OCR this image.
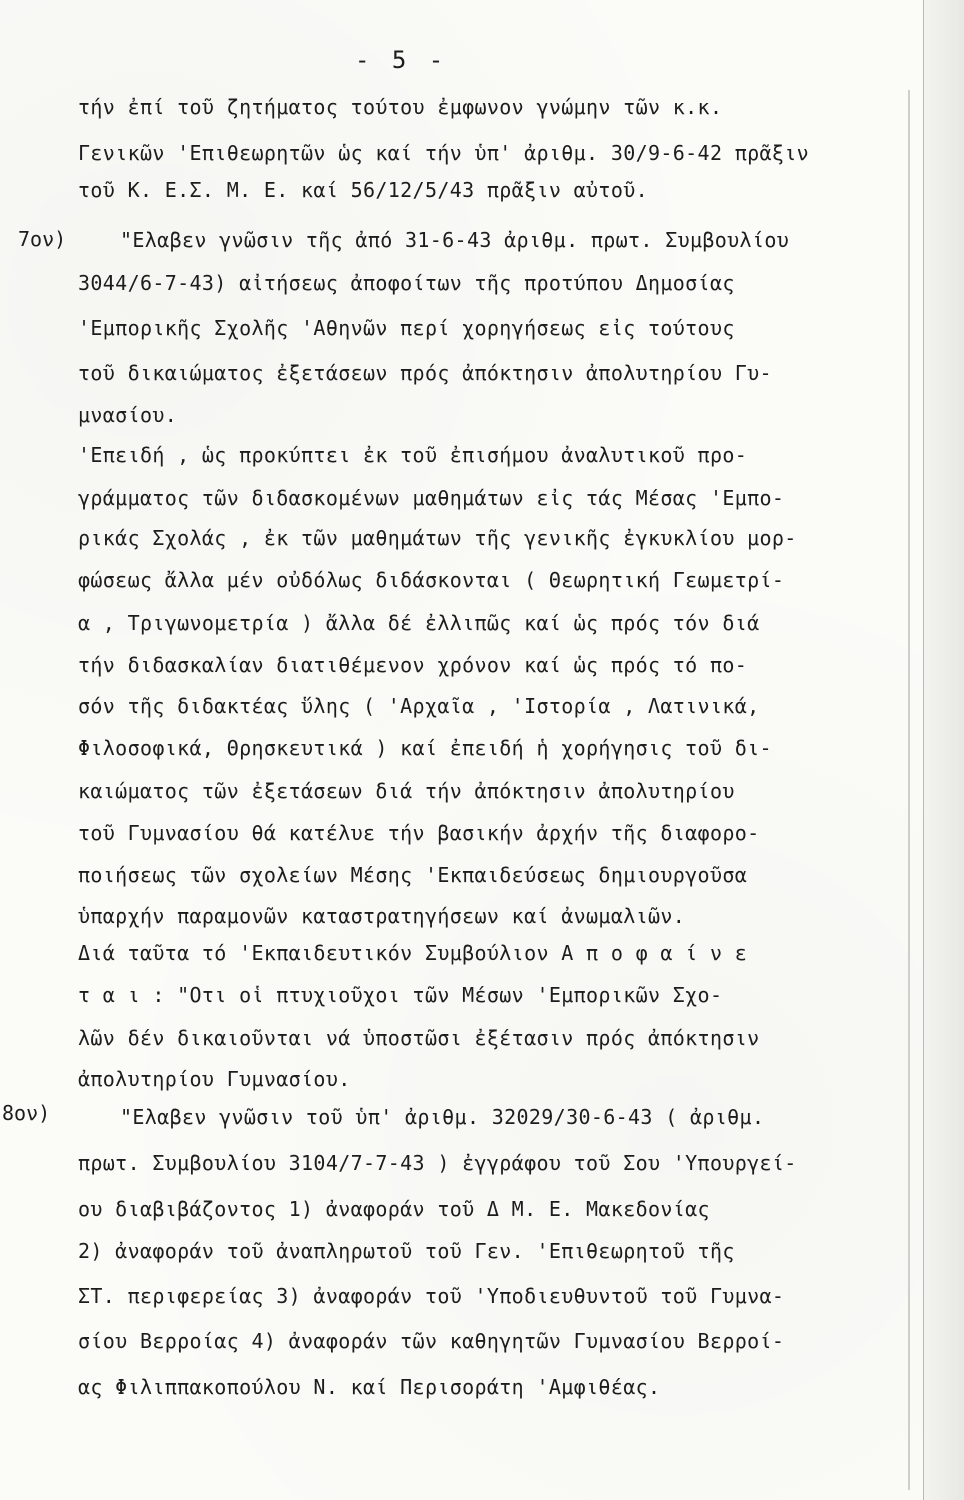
- 5 -
7ον)
8ον)
τήν ἐπί τοῦ ζητήματος τούτου ἐμφωνον γνώμην τῶν κ.κ.
Γενικῶν 'Επιθεωρητῶν ὡς καί τήν ὑπ' ἀριθμ. 30/9-6-42 πρᾶξιν
τοῦ Κ. Ε.Σ. Μ. Ε. καί 56/12/5/43 πρᾶξιν αὐτοῦ.
"Ελαβεν γνῶσιν τῆς ἀπό 31-6-43 ἀριθμ. πρωτ. Συμβουλίου
3044/6-7-43) αἰτήσεως ἀποφοίτων τῆς προτύπου Δημοσίας
'Εμπορικῆς Σχολῆς 'Αθηνῶν περί χορηγήσεως εἰς τούτους
τοῦ δικαιώματος ἐξετάσεων πρός ἀπόκτησιν ἀπολυτηρίου Γυ-
μνασίου.
'Επειδή , ὡς προκύπτει ἐκ τοῦ ἐπισήμου ἀναλυτικοῦ προ-
γράμματος τῶν διδασκομένων μαθημάτων εἰς τάς Μέσας 'Εμπο-
ρικάς Σχολάς , ἐκ τῶν μαθημάτων τῆς γενικῆς ἐγκυκλίου μορ-
φώσεως ἄλλα μέν οὐδόλως διδάσκονται ( Θεωρητική Γεωμετρί-
α , Τριγωνομετρία ) ἄλλα δέ ἐλλιπῶς καί ὡς πρός τόν διά
τήν διδασκαλίαν διατιθέμενον χρόνον καί ὡς πρός τό πο-
σόν τῆς διδακτέας ὕλης ( 'Αρχαῖα , 'Ιστορία , Λατινικά,
Φιλοσοφικά, Θρησκευτικά ) καί ἐπειδή ἡ χορήγησις τοῦ δι-
καιώματος τῶν ἐξετάσεων διά τήν ἀπόκτησιν ἀπολυτηρίου
τοῦ Γυμνασίου θά κατέλυε τήν βασικήν ἀρχήν τῆς διαφορο-
ποιήσεως τῶν σχολείων Μέσης 'Εκπαιδεύσεως δημιουργοῦσα
ὑπαρχήν παραμονῶν καταστρατηγήσεων καί ἀνωμαλιῶν.
Διά ταῦτα τό 'Εκπαιδευτικόν Συμβούλιον Α π ο φ α ί ν ε
τ α ι : "Οτι οἱ πτυχιοῦχοι τῶν Μέσων 'Εμπορικῶν Σχο-
λῶν δέν δικαιοῦνται νά ὑποστῶσι ἐξέτασιν πρός ἀπόκτησιν
ἀπολυτηρίου Γυμνασίου.
"Ελαβεν γνῶσιν τοῦ ὑπ' ἀριθμ. 32029/30-6-43 ( ἀριθμ.
πρωτ. Συμβουλίου 3104/7-7-43 ) ἐγγράφου τοῦ Σου 'Υπουργεί-
ου διαβιβάζοντος 1) ἀναφοράν τοῦ Δ Μ. Ε. Μακεδονίας
2) ἀναφοράν τοῦ ἀναπληρωτοῦ τοῦ Γεν. 'Επιθεωρητοῦ τῆς
ΣΤ. περιφερείας 3) ἀναφοράν τοῦ 'Υποδιευθυντοῦ τοῦ Γυμνα-
σίου Βερροίας 4) ἀναφοράν τῶν καθηγητῶν Γυμνασίου Βερροί-
ας Φιλιππακοπούλου Ν. καί Περισοράτη 'Αμφιθέας.
